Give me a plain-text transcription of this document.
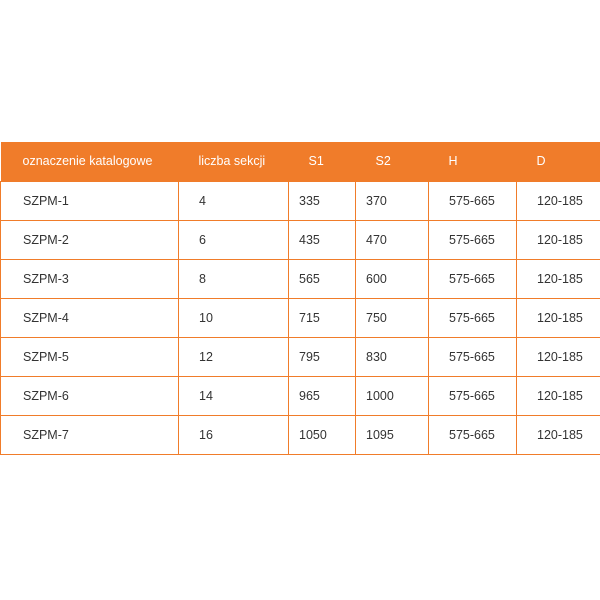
oznaczenie katalogowe	liczba sekcji	S1	S2	H	D
SZPM-1	4	335	370	575-665	120-185
SZPM-2	6	435	470	575-665	120-185
SZPM-3	8	565	600	575-665	120-185
SZPM-4	10	715	750	575-665	120-185
SZPM-5	12	795	830	575-665	120-185
SZPM-6	14	965	1000	575-665	120-185
SZPM-7	16	1050	1095	575-665	120-185
